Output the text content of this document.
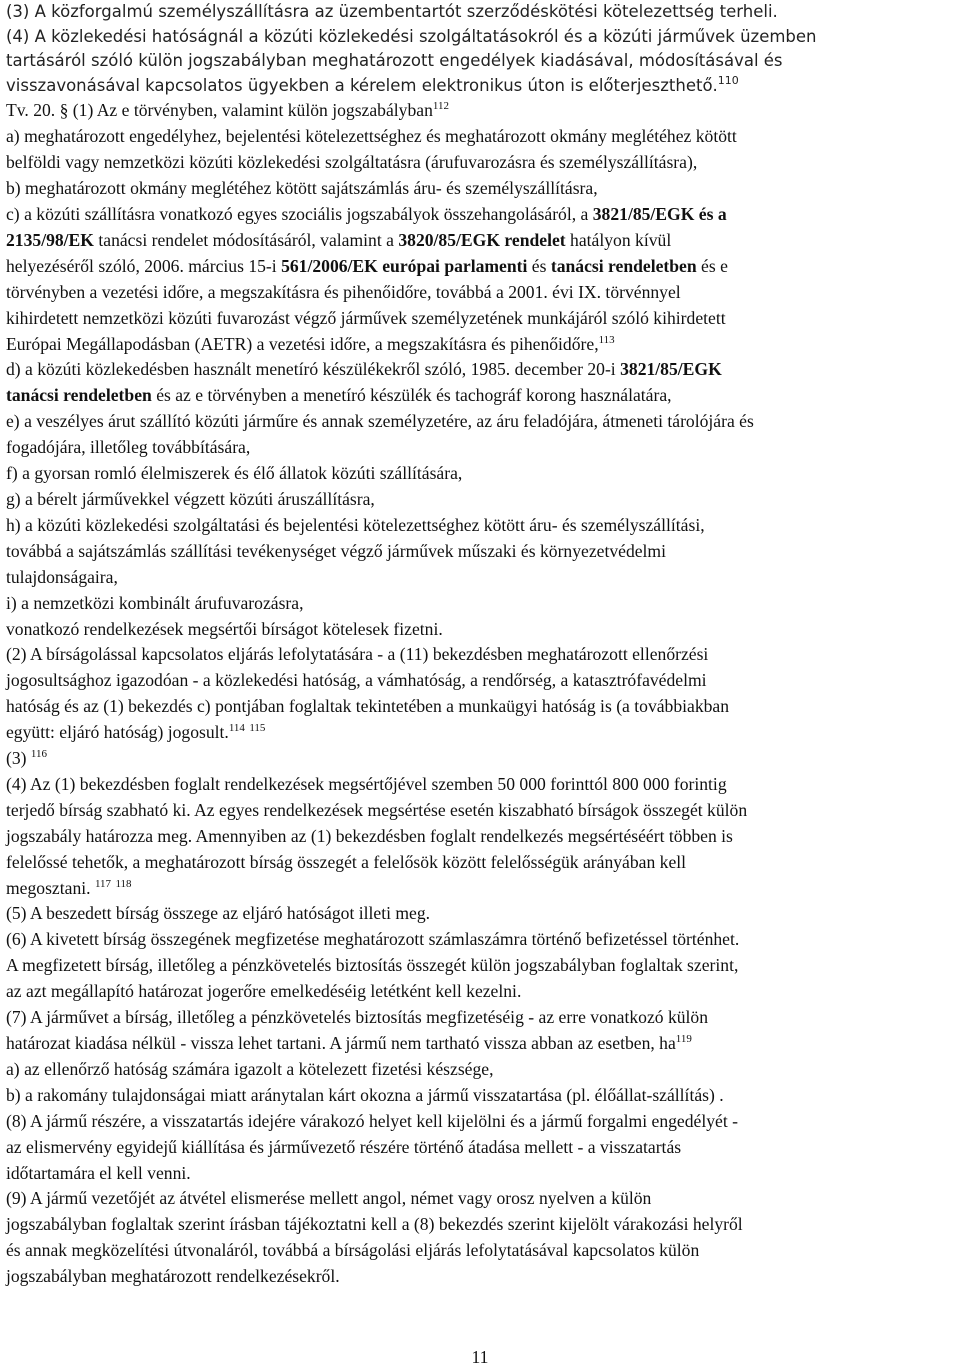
(3) A közforgalmú személyszállításra az üzembentartót szerződéskötési kötelezettség terheli.
(4) A közlekedési hatóságnál a közúti közlekedési szolgáltatásokról és a közúti járművek üzemben
tartásáról szóló külön jogszabályban meghatározott engedélyek kiadásával, módosításával és
visszavonásával kapcsolatos ügyekben a kérelem elektronikus úton is előterjeszthető.$^{110}$
Tv. 20. § (1) Az e törvényben, valamint külön jogszabályban$^{112}$
a) meghatározott engedélyhez, bejelentési kötelezettséghez és meghatározott okmány meglétéhez kötött
belföldi vagy nemzetközi közúti közlekedési szolgáltatásra (árufuvarozásra és személyszállításra),
b) meghatározott okmány meglétéhez kötött sajátszámlás áru- és személyszállításra,
c) a közúti szállításra vonatkozó egyes szociális jogszabályok összehangolásáról, a 3821/85/EGK és a
2135/98/EK tanácsi rendelet módosításáról, valamint a 3820/85/EGK rendelet hatályon kívül
helyezéséről szóló, 2006. március 15-i 561/2006/EK európai parlamenti és tanácsi rendeletben és e
törvényben a vezetési időre, a megszakításra és pihenőidőre, továbbá a 2001. évi IX. törvénnyel
kihirdetett nemzetközi közúti fuvarozást végző járművek személyzetének munkájáról szóló kihirdetett
Európai Megállapodásban (AETR) a vezetési időre, a megszakításra és pihenőidőre,$^{113}$
d) a közúti közlekedésben használt menetíró készülékekről szóló, 1985. december 20-i 3821/85/EGK
tanácsi rendeletben és az e törvényben a menetíró készülék és tachográf korong használatára,
e) a veszélyes árut szállító közúti járműre és annak személyzetére, az áru feladójára, átmeneti tárolójára és
fogadójára, illetőleg továbbítására,
f) a gyorsan romló élelmiszerek és élő állatok közúti szállítására,
g) a bérelt járművekkel végzett közúti áruszállításra,
h) a közúti közlekedési szolgáltatási és bejelentési kötelezettséghez kötött áru- és személyszállítási,
továbbá a sajátszámlás szállítási tevékenységet végző járművek műszaki és környezetvédelmi
tulajdonságaira,
i) a nemzetközi kombinált árufuvarozásra,
vonatkozó rendelkezések megsértői bírságot kötelesek fizetni.
(2) A bírságolással kapcsolatos eljárás lefolytatására - a (11) bekezdésben meghatározott ellenőrzési
jogosultsághoz igazodóan - a közlekedési hatóság, a vámhatóság, a rendőrség, a katasztrófavédelmi
hatóság és az (1) bekezdés c) pontjában foglaltak tekintetében a munkaügyi hatóság is (a továbbiakban
együtt: eljáró hatóság) jogosult.$^{114}$ $^{115}$
(3) $^{116}$
(4) Az (1) bekezdésben foglalt rendelkezések megsértőjével szemben 50 000 forinttól 800 000 forintig
terjedő bírság szabható ki. Az egyes rendelkezések megsértése esetén kiszabható bírságok összegét külön
jogszabály határozza meg. Amennyiben az (1) bekezdésben foglalt rendelkezés megsértéséért többen is
felelőssé tehetők, a meghatározott bírság összegét a felelősök között felelősségük arányában kell
megosztani. $^{117}$ $^{118}$
(5) A beszedett bírság összege az eljáró hatóságot illeti meg.
(6) A kivetett bírság összegének megfizetése meghatározott számlaszámra történő befizetéssel történhet.
A megfizetett bírság, illetőleg a pénzkövetelés biztosítás összegét külön jogszabályban foglaltak szerint,
az azt megállapító határozat jogerőre emelkedéséig letétként kell kezelni.
(7) A járművet a bírság, illetőleg a pénzkövetelés biztosítás megfizetéséig - az erre vonatkozó külön
határozat kiadása nélkül - vissza lehet tartani. A jármű nem tartható vissza abban az esetben, $ha^{119}$
a) az ellenőrző hatóság számára igazolt a kötelezett fizetési készsége,
b) a rakomány tulajdonságai miatt aránytalan kárt okozna a jármű visszatartása (pl. élőállat-szállítás) .
(8) A jármű részére, a visszatartás idejére várakozó helyet kell kijelölni és a jármű forgalmi engedélyét -
az elismervény egyidejű kiállítása és járművezető részére történő átadása mellett - a visszatartás
időtartamára el kell venni.
(9) A jármű vezetőjét az átvétel elismerése mellett angol, német vagy orosz nyelven a külön
jogszabályban foglaltak szerint írásban tájékoztatni kell a (8) bekezdés szerint kijelölt várakozási helyről
és annak megközelítési útvonaláról, továbbá a bírságolási eljárás lefolytatásával kapcsolatos külön
jogszabályban meghatározott rendelkezésekről.
11
